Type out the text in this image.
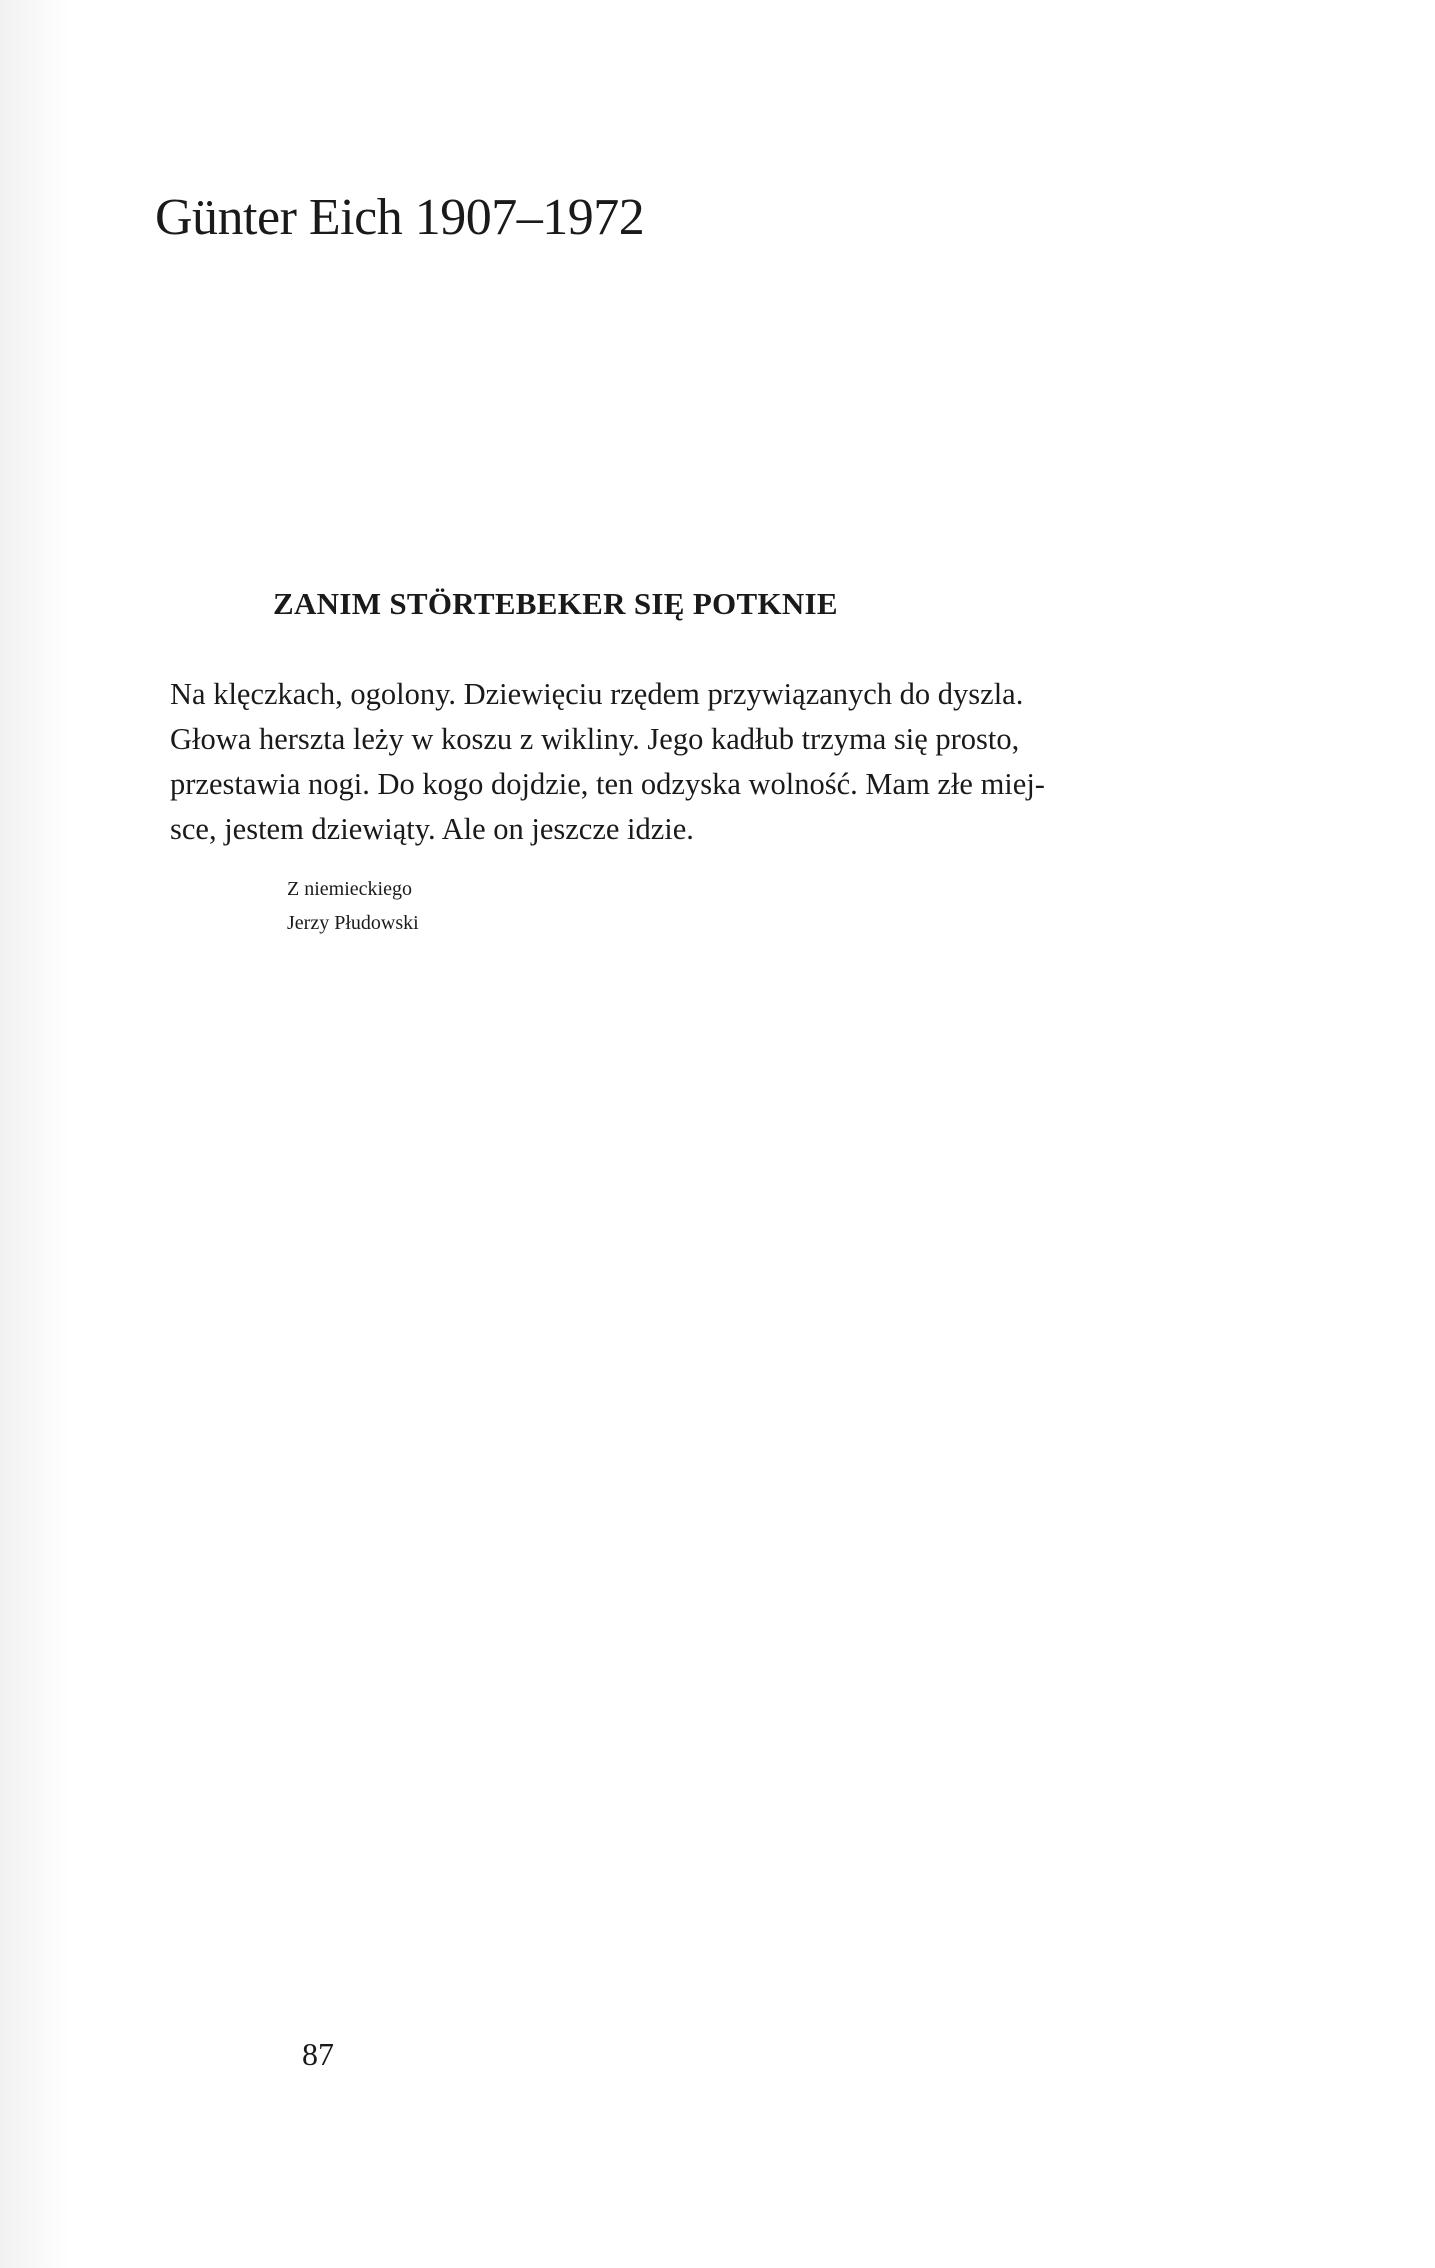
Günter Eich 1907–1972
ZANIM STÖRTEBEKER SIĘ POTKNIE

Na klęczkach, ogolony. Dziewięciu rzędem przywiązanych do dyszla.
Głowa herszta leży w koszu z wikliny. Jego kadłub trzyma się prosto,
przestawia nogi. Do kogo dojdzie, ten odzyska wolność. Mam złe miej-
sce, jestem dziewiąty. Ale on jeszcze idzie.

Z niemieckiego
Jerzy Płudowski
87
